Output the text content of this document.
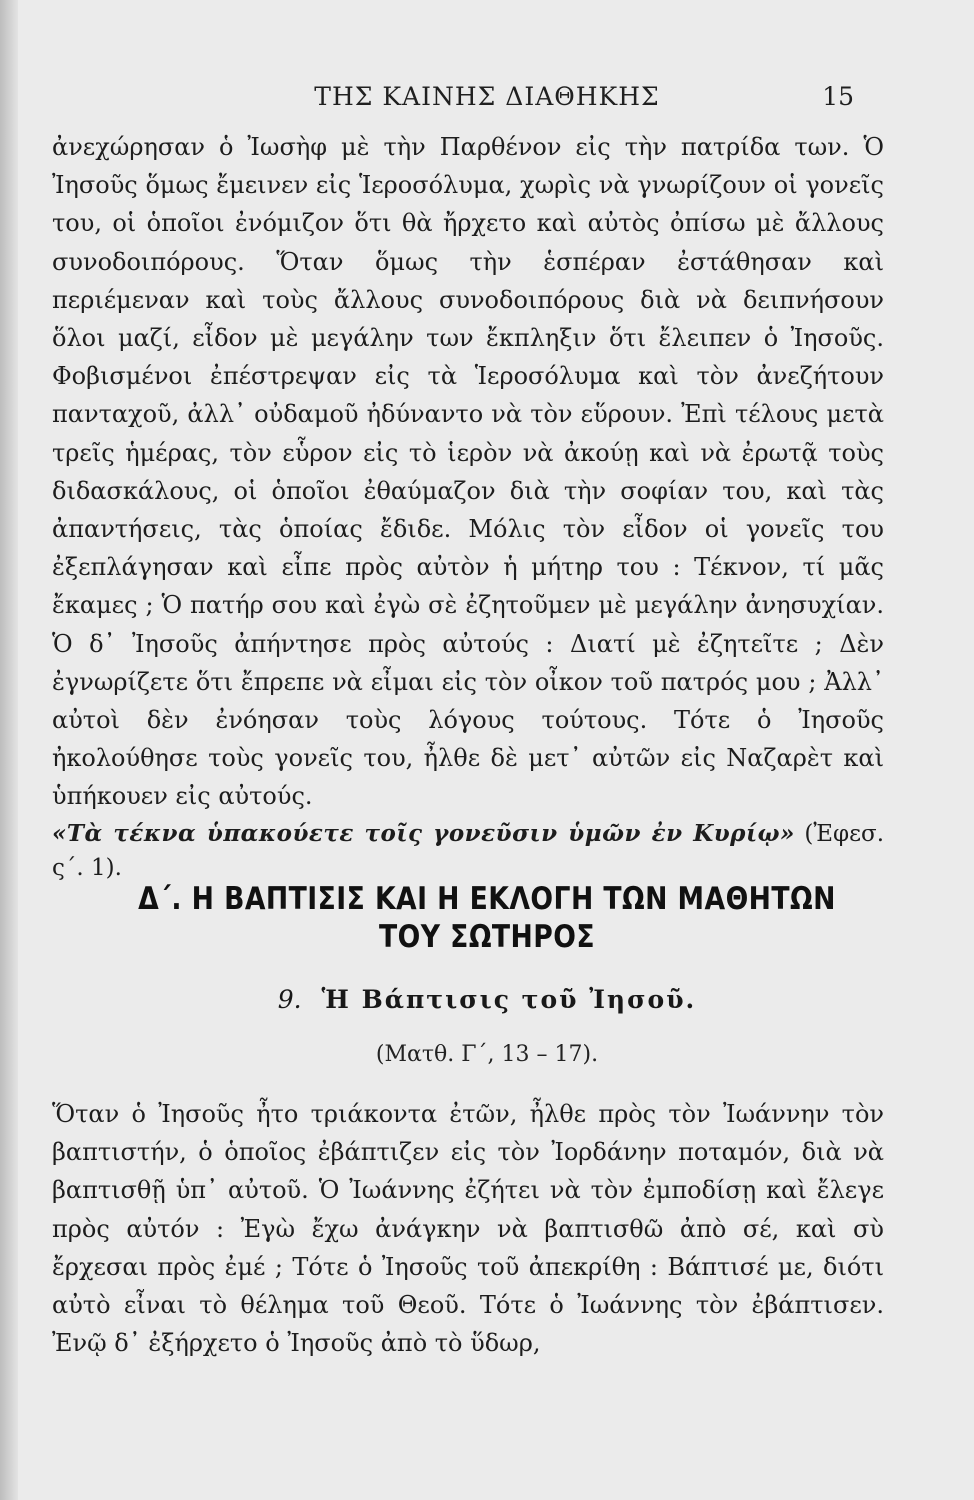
ΤΗΣ ΚΑΙΝΗΣ ΔΙΑΘΗΚΗΣ	15

ἀνεχώρησαν ὁ Ἰωσὴφ μὲ τὴν Παρθένον εἰς τὴν πατρίδα των. Ὁ Ἰησοῦς ὅμως ἔμεινεν εἰς Ἱεροσόλυμα, χωρὶς νὰ γνωρίζουν οἱ γονεῖς του, οἱ ὁποῖοι ἐνόμιζον ὅτι θὰ ἤρχετο καὶ αὐτὸς ὀπίσω μὲ ἄλλους συνοδοιπόρους. Ὅταν ὅμως τὴν ἑσπέραν ἐστάθησαν καὶ περιέμεναν καὶ τοὺς ἄλλους συνοδοιπόρους διὰ νὰ δειπνήσουν ὅλοι μαζί, εἶδον μὲ μεγάλην των ἔκπληξιν ὅτι ἔλειπεν ὁ Ἰησοῦς. Φοβισμένοι ἐπέστρεψαν εἰς τὰ Ἱεροσόλυμα καὶ τὸν ἀνεζήτουν πανταχοῦ, ἀλλ᾽ οὐδαμοῦ ἠδύναντο νὰ τὸν εὕρουν. Ἐπὶ τέλους μετὰ τρεῖς ἡμέρας, τὸν εὗρον εἰς τὸ ἱερὸν νὰ ἀκούῃ καὶ νὰ ἐρωτᾷ τοὺς διδασκάλους, οἱ ὁποῖοι ἐθαύμαζον διὰ τὴν σοφίαν του, καὶ τὰς ἀπαντήσεις, τὰς ὁποίας ἔδιδε. Μόλις τὸν εἶδον οἱ γονεῖς του ἐξεπλάγησαν καὶ εἶπε πρὸς αὐτὸν ἡ μήτηρ του : Τέκνον, τί μᾶς ἔκαμες ; Ὁ πατήρ σου καὶ ἐγὼ σὲ ἐζητοῦμεν μὲ μεγάλην ἀνησυχίαν. Ὁ δ᾽ Ἰησοῦς ἀπήντησε πρὸς αὐτούς : Διατί μὲ ἐζητεῖτε ; Δὲν ἐγνωρίζετε ὅτι ἔπρεπε νὰ εἶμαι εἰς τὸν οἶκον τοῦ πατρός μου ; Ἀλλ᾽ αὐτοὶ δὲν ἐνόησαν τοὺς λόγους τούτους. Τότε ὁ Ἰησοῦς ἠκολούθησε τοὺς γονεῖς του, ἦλθε δὲ μετ᾽ αὐτῶν εἰς Ναζαρὲτ καὶ ὑπήκουεν εἰς αὐτούς.

«Τὰ τέκνα ὑπακούετε τοῖς γονεῦσιν ὑμῶν ἐν Κυρίῳ» (Ἐφεσ. ς΄. 1).

Δ΄. Η ΒΑΠΤΙΣΙΣ ΚΑΙ Η ΕΚΛΟΓΗ ΤΩΝ ΜΑΘΗΤΩΝ
ΤΟΥ ΣΩΤΗΡΟΣ
9. Ἡ Βάπτισις τοῦ Ἰησοῦ.
(Ματθ. Γ΄, 13 – 17).

Ὅταν ὁ Ἰησοῦς ἦτο τριάκοντα ἐτῶν, ἦλθε πρὸς τὸν Ἰωάννην τὸν βαπτιστήν, ὁ ὁποῖος ἐβάπτιζεν εἰς τὸν Ἰορδάνην ποταμόν, διὰ νὰ βαπτισθῇ ὑπ᾽ αὐτοῦ. Ὁ Ἰωάννης ἐζήτει νὰ τὸν ἐμποδίσῃ καὶ ἔλεγε πρὸς αὐτόν : Ἐγὼ ἔχω ἀνάγκην νὰ βαπτισθῶ ἀπὸ σέ, καὶ σὺ ἔρχεσαι πρὸς ἐμέ ; Τότε ὁ Ἰησοῦς τοῦ ἀπεκρίθη : Βάπτισέ με, διότι αὐτὸ εἶναι τὸ θέλημα τοῦ Θεοῦ. Τότε ὁ Ἰωάννης τὸν ἐβάπτισεν. Ἐνῷ δ᾽ ἐξήρχετο ὁ Ἰησοῦς ἀπὸ τὸ ὕδωρ,
